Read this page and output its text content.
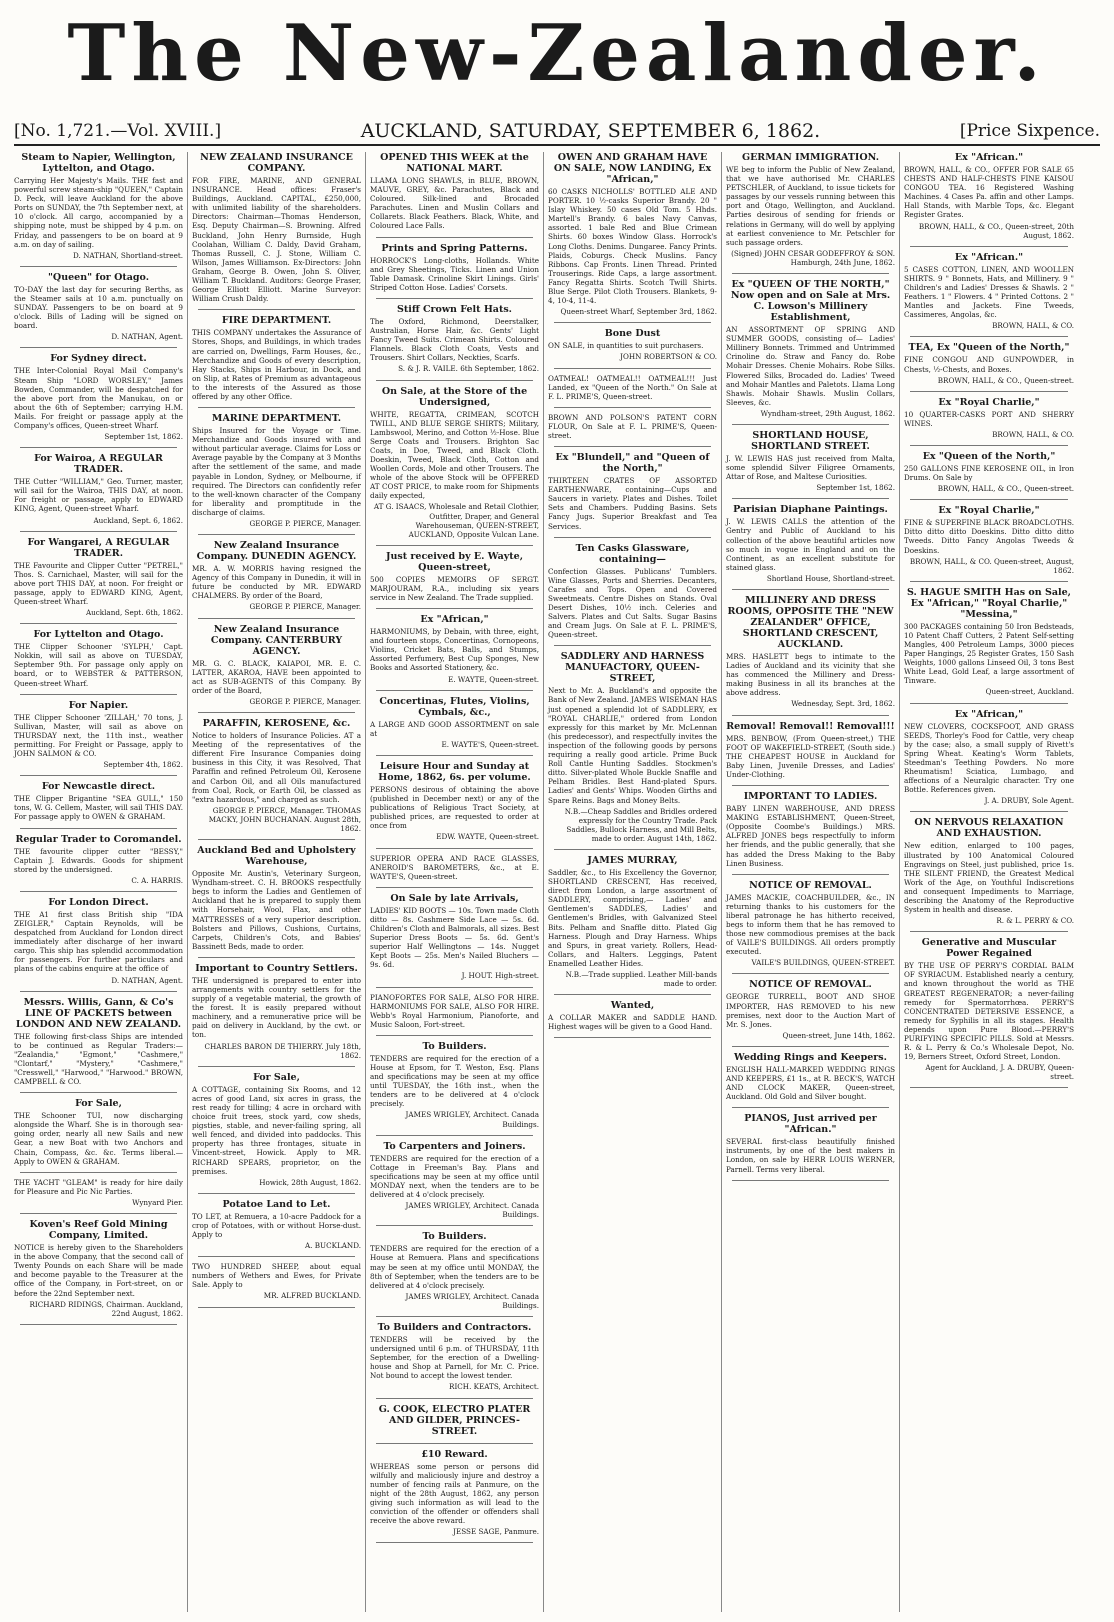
The New-Zealander.
[No. 1,721.—Vol. XVIII.]	AUCKLAND, SATURDAY, SEPTEMBER 6, 1862.	[Price Sixpence.
Steam to Napier, Wellington, Lyttelton, and Otago.

Carrying Her Majesty's Mails. THE fast and powerful screw steam-ship "QUEEN," Captain D. Peck, will leave Auckland for the above Ports on SUNDAY, the 7th September next, at 10 o'clock. All cargo, accompanied by a shipping note, must be shipped by 4 p.m. on Friday, and passengers to be on board at 9 a.m. on day of sailing.

D. NATHAN, Shortland-street.

"Queen" for Otago.

TO-DAY the last day for securing Berths, as the Steamer sails at 10 a.m. punctually on SUNDAY. Passengers to be on board at 9 o'clock. Bills of Lading will be signed on board.

D. NATHAN, Agent.

For Sydney direct.

THE Inter-Colonial Royal Mail Company's Steam Ship "LORD WORSLEY," James Bowden, Commander, will be despatched for the above port from the Manukau, on or about the 6th of September; carrying H.M. Mails. For freight or passage apply at the Company's offices, Queen-street Wharf.

September 1st, 1862.

For Wairoa, A REGULAR TRADER.

THE Cutter "WILLIAM," Geo. Turner, master, will sail for the Wairoa, THIS DAY, at noon. For freight or passage, apply to EDWARD KING, Agent, Queen-street Wharf.

Auckland, Sept. 6, 1862.

For Wangarei, A REGULAR TRADER.

THE Favourite and Clipper Cutter "PETREL," Thos. S. Carnichael, Master, will sail for the above port THIS DAY, at noon. For freight or passage, apply to EDWARD KING, Agent, Queen-street Wharf.

Auckland, Sept. 6th, 1862.

For Lyttelton and Otago.

THE Clipper Schooner 'SYLPH,' Capt. Nokkin, will sail as above on TUESDAY, September 9th. For passage only apply on board, or to WEBSTER & PATTERSON, Queen-street Wharf.

For Napier.

THE Clipper Schooner 'ZILLAH,' 70 tons, J. Sullivan, Master, will sail as above on THURSDAY next, the 11th inst., weather permitting. For Freight or Passage, apply to JOHN SALMON & CO.

September 4th, 1862.

For Newcastle direct.

THE Clipper Brigantine "SEA GULL," 150 tons, W. G. Cellem, Master, will sail THIS DAY. For passage apply to OWEN & GRAHAM.

Regular Trader to Coromandel.

THE favourite clipper cutter "BESSY," Captain J. Edwards. Goods for shipment stored by the undersigned.

C. A. HARRIS.

For London Direct.

THE A1 first class British ship "IDA ZEIGLER," Captain Reynolds, will be despatched from Auckland for London direct immediately after discharge of her inward cargo. This ship has splendid accommodation for passengers. For further particulars and plans of the cabins enquire at the office of

D. NATHAN, Agent.

Messrs. Willis, Gann, & Co's LINE OF PACKETS between LONDON AND NEW ZEALAND.

THE following first-class Ships are intended to be continued as Regular Traders:— "Zealandia," "Egmont," "Cashmere," "Clontarf," "Mystery," "Cashmere," "Cresswell," "Harwood," "Harwood." BROWN, CAMPBELL & CO.

For Sale,

THE Schooner TUI, now discharging alongside the Wharf. She is in thorough sea-going order, nearly all new Sails and new Gear, a new Boat with two Anchors and Chain, Compass, &c. &c. Terms liberal.—Apply to OWEN & GRAHAM.

THE YACHT "GLEAM" is ready for hire daily for Pleasure and Pic Nic Parties.

Wynyard Pier.

Koven's Reef Gold Mining Company, Limited.

NOTICE is hereby given to the Shareholders in the above Company, that the second call of Twenty Pounds on each Share will be made and become payable to the Treasurer at the office of the Company, in Fort-street, on or before the 22nd September next.

RICHARD RIDINGS, Chairman. Auckland, 22nd August, 1862.

NEW ZEALAND INSURANCE COMPANY.

FOR FIRE, MARINE, AND GENERAL INSURANCE. Head offices: Fraser's Buildings, Auckland. CAPITAL, £250,000, with unlimited liability of the shareholders. Directors: Chairman—Thomas Henderson, Esq. Deputy Chairman—S. Browning. Alfred Buckland, John Henry Burnside, Hugh Coolahan, William C. Daldy, David Graham, Thomas Russell, C. J. Stone, William C. Wilson, James Williamson. Ex-Directors: John Graham, George B. Owen, John S. Oliver, William T. Buckland. Auditors: George Fraser, George Elliott Elliott. Marine Surveyor: William Crush Daldy.

FIRE DEPARTMENT.

THIS COMPANY undertakes the Assurance of Stores, Shops, and Buildings, in which trades are carried on, Dwellings, Farm Houses, &c., Merchandize and Goods of every description, Hay Stacks, Ships in Harbour, in Dock, and on Slip, at Rates of Premium as advantageous to the interests of the Assured as those offered by any other Office.

MARINE DEPARTMENT.

Ships Insured for the Voyage or Time. Merchandize and Goods insured with and without particular average. Claims for Loss or Average payable by the Company at 3 Months after the settlement of the same, and made payable in London, Sydney, or Melbourne, if required. The Directors can confidently refer to the well-known character of the Company for liberality and promptitude in the discharge of claims.

GEORGE P. PIERCE, Manager.

New Zealand Insurance Company. DUNEDIN AGENCY.

MR. A. W. MORRIS having resigned the Agency of this Company in Dunedin, it will in future be conducted by MR. EDWARD CHALMERS. By order of the Board,

GEORGE P. PIERCE, Manager.

New Zealand Insurance Company. CANTERBURY AGENCY.

MR. G. C. BLACK, KAIAPOI, MR. E. C. LATTER, AKAROA, HAVE been appointed to act as SUB-AGENTS of this Company. By order of the Board,

GEORGE P. PIERCE, Manager.

PARAFFIN, KEROSENE, &c.

Notice to holders of Insurance Policies. AT a Meeting of the representatives of the different Fire Insurance Companies doing business in this City, it was Resolved, That Paraffin and refined Petroleum Oil, Kerosene and Carbon Oil, and all Oils manufactured from Coal, Rock, or Earth Oil, be classed as "extra hazardous," and charged as such.

GEORGE P. PIERCE, Manager. THOMAS MACKY, JOHN BUCHANAN. August 28th, 1862.

Auckland Bed and Upholstery Warehouse,

Opposite Mr. Austin's, Veterinary Surgeon, Wyndham-street. C. H. BROOKS respectfully begs to inform the Ladies and Gentlemen of Auckland that he is prepared to supply them with Horsehair, Wool, Flax, and other MATTRESSES of a very superior description. Bolsters and Pillows, Cushions, Curtains, Carpets, Children's Cots, and Babies' Bassinett Beds, made to order.

Important to Country Settlers.

THE undersigned is prepared to enter into arrangements with country settlers for the supply of a vegetable material, the growth of the forest. It is easily prepared without machinery, and a remunerative price will be paid on delivery in Auckland, by the cwt. or ton.

CHARLES BARON DE THIERRY. July 18th, 1862.

For Sale,

A COTTAGE, containing Six Rooms, and 12 acres of good Land, six acres in grass, the rest ready for tilling; 4 acre in orchard with choice fruit trees, stock yard, cow sheds, pigsties, stable, and never-failing spring, all well fenced, and divided into paddocks. This property has three frontages, situate in Vincent-street, Howick. Apply to MR. RICHARD SPEARS, proprietor, on the premises.

Howick, 28th August, 1862.

Potatoe Land to Let.

TO LET, at Remuera, a 10-acre Paddock for a crop of Potatoes, with or without Horse-dust. Apply to

A. BUCKLAND.

TWO HUNDRED SHEEP, about equal numbers of Wethers and Ewes, for Private Sale. Apply to

MR. ALFRED BUCKLAND.

OPENED THIS WEEK at the NATIONAL MART.

LLAMA LONG SHAWLS, in BLUE, BROWN, MAUVE, GREY, &c. Parachutes, Black and Coloured. Silk-lined and Brocaded Parachutes. Linen and Muslin Collars and Collarets. Black Feathers. Black, White, and Coloured Lace Falls.

Prints and Spring Patterns.

HORROCK'S Long-cloths, Hollands. White and Grey Sheetings, Ticks. Linen and Union Table Damask. Crinoline Skirt Linings. Girls' Striped Cotton Hose. Ladies' Corsets.

Stiff Crown Felt Hats.

The Oxford, Richmond, Deerstalker, Australian, Horse Hair, &c. Gents' Light Fancy Tweed Suits. Crimean Shirts. Coloured Flannels. Black Cloth Coats, Vests and Trousers. Shirt Collars, Neckties, Scarfs.

S. & J. R. VAILE. 6th September, 1862.

On Sale, at the Store of the Undersigned,

WHITE, REGATTA, CRIMEAN, SCOTCH TWILL, AND BLUE SERGE SHIRTS; Military, Lambswool, Merino, and Cotton ½-Hose. Blue Serge Coats and Trousers. Brighton Sac Coats, in Doe, Tweed, and Black Cloth. Doeskin, Tweed, Black Cloth, Cotton and Woollen Cords, Mole and other Trousers. The whole of the above Stock will be OFFERED AT COST PRICE, to make room for Shipments daily expected,

AT G. ISAACS, Wholesale and Retail Clothier, Outfitter, Draper, and General Warehouseman, QUEEN-STREET, AUCKLAND, Opposite Vulcan Lane.

Just received by E. Wayte, Queen-street,

500 COPIES MEMOIRS OF SERGT. MARJOURAM, R.A., including six years service in New Zealand. The Trade supplied.

Ex "African,"

HARMONIUMS, by Debain, with three, eight, and fourteen stops, Concertinas, Cornopeons, Violins, Cricket Bats, Balls, and Stumps, Assorted Perfumery, Best Cup Sponges, New Books and Assorted Stationery, &c.

E. WAYTE, Queen-street.

Concertinas, Flutes, Violins, Cymbals, &c.,

A LARGE AND GOOD ASSORTMENT on sale at

E. WAYTE'S, Queen-street.

Leisure Hour and Sunday at Home, 1862, 6s. per volume.

PERSONS desirous of obtaining the above (published in December next) or any of the publications of Religious Tract Society, at published prices, are requested to order at once from

EDW. WAYTE, Queen-street.

SUPERIOR OPERA AND RACE GLASSES, ANEROID'S BAROMETERS, &c., at E. WAYTE'S, Queen-street.

On Sale by late Arrivals,

LADIES' KID BOOTS — 10s. Town made Cloth ditto — 8s. Cashmere Side Lace — 5s. 6d. Children's Cloth and Balmorals, all sizes. Best Superior Dress Boots — 5s. 6d. Gent's superior Half Wellingtons — 14s. Nugget Kept Boots — 25s. Men's Nailed Bluchers — 9s. 6d.

J. HOUT. High-street.

PIANOFORTES FOR SALE, ALSO FOR HIRE. HARMONIUMS FOR SALE, ALSO FOR HIRE. Webb's Royal Harmonium, Pianoforte, and Music Saloon, Fort-street.

To Builders.

TENDERS are required for the erection of a House at Epsom, for T. Weston, Esq. Plans and specifications may be seen at my office until TUESDAY, the 16th inst., when the tenders are to be delivered at 4 o'clock precisely.

JAMES WRIGLEY, Architect. Canada Buildings.

To Carpenters and Joiners.

TENDERS are required for the erection of a Cottage in Freeman's Bay. Plans and specifications may be seen at my office until MONDAY next, when the tenders are to be delivered at 4 o'clock precisely.

JAMES WRIGLEY, Architect. Canada Buildings.

To Builders.

TENDERS are required for the erection of a House at Remuera. Plans and specifications may be seen at my office until MONDAY, the 8th of September, when the tenders are to be delivered at 4 o'clock precisely.

JAMES WRIGLEY, Architect. Canada Buildings.

To Builders and Contractors.

TENDERS will be received by the undersigned until 6 p.m. of THURSDAY, 11th September, for the erection of a Dwelling-house and Shop at Parnell, for Mr. C. Price. Not bound to accept the lowest tender.

RICH. KEATS, Architect.

G. COOK, ELECTRO PLATER AND GILDER, PRINCES-STREET.
£10 Reward.

WHEREAS some person or persons did wilfully and maliciously injure and destroy a number of fencing rails at Panmure, on the night of the 28th August, 1862, any person giving such information as will lead to the conviction of the offender or offenders shall receive the above reward.

JESSE SAGE, Panmure.

OWEN AND GRAHAM HAVE ON SALE, NOW LANDING, Ex "African,"

60 CASKS NICHOLLS' BOTTLED ALE AND PORTER. 10 ½-casks Superior Brandy. 20 " Islay Whiskey. 50 cases Old Tom. 5 Hhds. Martell's Brandy. 6 bales Navy Canvas, assorted. 1 bale Red and Blue Crimean Shirts. 60 boxes Window Glass. Horrock's Long Cloths. Denims. Dungaree. Fancy Prints. Plaids, Coburgs. Check Muslins. Fancy Ribbons. Cap Fronts. Linen Thread. Printed Trouserings. Ride Caps, a large assortment. Fancy Regatta Shirts. Scotch Twill Shirts. Blue Serge. Pilot Cloth Trousers. Blankets, 9-4, 10-4, 11-4.

Queen-street Wharf, September 3rd, 1862.

Bone Dust

ON SALE, in quantities to suit purchasers.

JOHN ROBERTSON & CO.

OATMEAL! OATMEAL!! OATMEAL!!! Just Landed, ex "Queen of the North." On Sale at F. L. PRIME'S, Queen-street.

BROWN AND POLSON'S PATENT CORN FLOUR, On Sale at F. L. PRIME'S, Queen-street.

Ex "Blundell," and "Queen of the North,"

THIRTEEN CRATES OF ASSORTED EARTHENWARE, containing—Cups and Saucers in variety. Plates and Dishes. Toilet Sets and Chambers. Pudding Basins. Sets Fancy Jugs. Superior Breakfast and Tea Services.

Ten Casks Glassware, containing—

Confection Glasses. Publicans' Tumblers. Wine Glasses, Ports and Sherries. Decanters, Carafes and Tops. Open and Covered Sweetmeats. Centre Dishes on Stands. Oval Desert Dishes, 10½ inch. Celeries and Salvers. Plates and Cut Salts. Sugar Basins and Cream Jugs. On Sale at F. L. PRIME'S, Queen-street.

SADDLERY AND HARNESS MANUFACTORY, QUEEN-STREET,

Next to Mr. A. Buckland's and opposite the Bank of New Zealand. JAMES WISEMAN HAS just opened a splendid lot of SADDLERY, ex "ROYAL CHARLIE," ordered from London expressly for this market by Mr. McLennan (his predecessor), and respectfully invites the inspection of the following goods by persons requiring a really good article. Prime Buck Roll Cantle Hunting Saddles. Stockmen's ditto. Silver-plated Whole Buckle Snaffle and Pelham Bridles. Best Hand-plated Spurs. Ladies' and Gents' Whips. Wooden Girths and Spare Reins. Bags and Money Belts.

N.B.—Cheap Saddles and Bridles ordered expressly for the Country Trade. Pack Saddles, Bullock Harness, and Mill Belts, made to order. August 14th, 1862.

JAMES MURRAY,

Saddler, &c., to His Excellency the Governor, SHORTLAND CRESCENT, Has received, direct from London, a large assortment of SADDLERY, comprising,— Ladies' and Gentlemen's SADDLES, Ladies' and Gentlemen's Bridles, with Galvanized Steel Bits. Pelham and Snaffle ditto. Plated Gig Harness. Plough and Dray Harness. Whips and Spurs, in great variety. Rollers, Head-Collars, and Halters. Leggings, Patent Enamelled Leather Hides.

N.B.—Trade supplied. Leather Mill-bands made to order.

Wanted,

A COLLAR MAKER and SADDLE HAND. Highest wages will be given to a Good Hand.

GERMAN IMMIGRATION.

WE beg to inform the Public of New Zealand, that we have authorised Mr. CHARLES PETSCHLER, of Auckland, to issue tickets for passages by our vessels running between this port and Otago, Wellington, and Auckland. Parties desirous of sending for friends or relations in Germany, will do well by applying at earliest convenience to Mr. Petschler for such passage orders.

(Signed) JOHN CESAR GODEFFROY & SON. Hamburgh, 24th June, 1862.

Ex "QUEEN OF THE NORTH," Now open and on Sale at Mrs. C. Lowson's Millinery Establishment,

AN ASSORTMENT OF SPRING AND SUMMER GOODS, consisting of— Ladies' Millinery Bonnets. Trimmed and Untrimmed Crinoline do. Straw and Fancy do. Robe Mohair Dresses. Chenie Mohairs. Robe Silks. Flowered Silks, Brocaded do. Ladies' Tweed and Mohair Mantles and Paletots. Llama Long Shawls. Mohair Shawls. Muslin Collars, Sleeves, &c.

Wyndham-street, 29th August, 1862.

SHORTLAND HOUSE, SHORTLAND STREET.

J. W. LEWIS HAS just received from Malta, some splendid Silver Filigree Ornaments, Attar of Rose, and Maltese Curiosities.

September 1st, 1862.

Parisian Diaphane Paintings.

J. W. LEWIS CALLS the attention of the Gentry and Public of Auckland to his collection of the above beautiful articles now so much in vogue in England and on the Continent, as an excellent substitute for stained glass.

Shortland House, Shortland-street.

MILLINERY AND DRESS ROOMS, OPPOSITE THE "NEW ZEALANDER" OFFICE, SHORTLAND CRESCENT, AUCKLAND.

MRS. HASLETT begs to intimate to the Ladies of Auckland and its vicinity that she has commenced the Millinery and Dress-making Business in all its branches at the above address.

Wednesday, Sept. 3rd, 1862.

Removal! Removal!! Removal!!!

MRS. BENBOW, (From Queen-street,) THE FOOT OF WAKEFIELD-STREET, (South side.) THE CHEAPEST HOUSE in Auckland for Baby Linen, Juvenile Dresses, and Ladies' Under-Clothing.

IMPORTANT TO LADIES.

BABY LINEN WAREHOUSE, AND DRESS MAKING ESTABLISHMENT, Queen-Street, (Opposite Coombe's Buildings.) MRS. ALFRED JONES begs respectfully to inform her friends, and the public generally, that she has added the Dress Making to the Baby Linen Business.

NOTICE OF REMOVAL.

JAMES MACKIE, COACHBUILDER, &c., IN returning thanks to his customers for the liberal patronage he has hitherto received, begs to inform them that he has removed to those new commodious premises at the back of VAILE'S BUILDINGS. All orders promptly executed.

VAILE'S BUILDINGS, QUEEN-STREET.

NOTICE OF REMOVAL.

GEORGE TURRELL, BOOT AND SHOE IMPORTER, HAS REMOVED to his new premises, next door to the Auction Mart of Mr. S. Jones.

Queen-street, June 14th, 1862.

Wedding Rings and Keepers.

ENGLISH HALL-MARKED WEDDING RINGS AND KEEPERS, £1 1s., at R. BECK'S, WATCH AND CLOCK MAKER, Queen-street, Auckland. Old Gold and Silver bought.

PIANOS, Just arrived per "African."

SEVERAL first-class beautifully finished instruments, by one of the best makers in London, on sale by HERR LOUIS WERNER, Parnell. Terms very liberal.

Ex "African."

BROWN, HALL, & CO., OFFER FOR SALE 65 CHESTS AND HALF-CHESTS FINE KAISOU CONGOU TEA. 16 Registered Washing Machines. 4 Cases Pa. affin and other Lamps. Hall Stands, with Marble Tops, &c. Elegant Register Grates.

BROWN, HALL, & CO., Queen-street, 20th August, 1862.

Ex "African."

5 CASES COTTON, LINEN, AND WOOLLEN SHIRTS. 9 " Bonnets, Hats, and Millinery. 9 " Children's and Ladies' Dresses & Shawls. 2 " Feathers. 1 " Flowers. 4 " Printed Cottons. 2 " Mantles and Jackets. Fine Tweeds, Cassimeres, Angolas, &c.

BROWN, HALL, & CO.

TEA, Ex "Queen of the North,"

FINE CONGOU AND GUNPOWDER, in Chests, ½-Chests, and Boxes.

BROWN, HALL, & CO., Queen-street.

Ex "Royal Charlie,"

10 QUARTER-CASKS PORT AND SHERRY WINES.

BROWN, HALL, & CO.

Ex "Queen of the North,"

250 GALLONS FINE KEROSENE OIL, in Iron Drums. On Sale by

BROWN, HALL, & CO., Queen-street.

Ex "Royal Charlie,"

FINE & SUPERFINE BLACK BROADCLOTHS. Ditto ditto ditto Doeskins. Ditto ditto ditto Tweeds. Ditto Fancy Angolas Tweeds & Doeskins.

BROWN, HALL, & CO. Queen-street, August, 1862.

S. HAGUE SMITH Has on Sale, Ex "African," "Royal Charlie," "Messina,"

300 PACKAGES containing 50 Iron Bedsteads, 10 Patent Chaff Cutters, 2 Patent Self-setting Mangles, 400 Petroleum Lamps, 3000 pieces Paper Hangings, 25 Register Grates, 150 Sash Weights, 1000 gallons Linseed Oil, 3 tons Best White Lead, Gold Leaf, a large assortment of Tinware.

Queen-street, Auckland.

Ex "African,"

NEW CLOVERS, COCKSFOOT, AND GRASS SEEDS, Thorley's Food for Cattle, very cheap by the case; also, a small supply of Rivett's Spring Wheat. Keating's Worm Tablets, Steedman's Teething Powders. No more Rheumatism! Sciatica, Lumbago, and affections of a Neuralgic character. Try one Bottle. References given.

J. A. DRUBY, Sole Agent.

ON NERVOUS RELAXATION AND EXHAUSTION.

New edition, enlarged to 100 pages, illustrated by 100 Anatomical Coloured Engravings on Steel, just published, price 1s. THE SILENT FRIEND, the Greatest Medical Work of the Age, on Youthful Indiscretions and consequent Impediments to Marriage, describing the Anatomy of the Reproductive System in health and disease.

R. & L. PERRY & CO.

Generative and Muscular Power Regained

BY THE USE OF PERRY'S CORDIAL BALM OF SYRIACUM. Established nearly a century, and known throughout the world as THE GREATEST REGENERATOR; a never-failing remedy for Spermatorrhœa. PERRY'S CONCENTRATED DETERSIVE ESSENCE, a remedy for Syphilis in all its stages. Health depends upon Pure Blood.—PERRY'S PURIFYING SPECIFIC PILLS. Sold at Messrs. R. & L. Perry & Co.'s Wholesale Depot, No. 19, Berners Street, Oxford Street, London.

Agent for Auckland, J. A. DRUBY, Queen-street.
